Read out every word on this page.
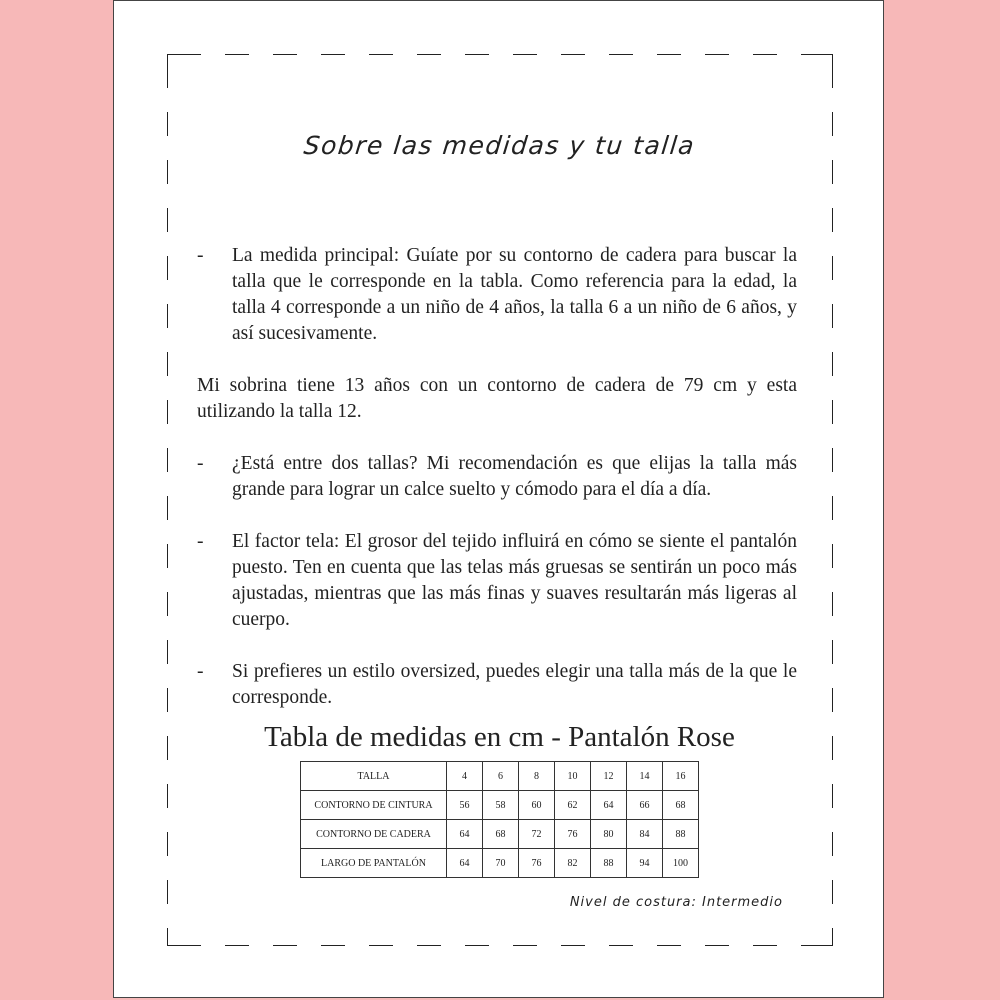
Sobre las medidas y tu talla

- La medida principal: Guíate por su contorno de cadera para buscar la talla que le corresponde en la tabla. Como referencia para la edad, la talla 4 corresponde a un niño de 4 años, la talla 6 a un niño de 6 años, y así sucesivamente.

Mi sobrina tiene 13 años con un contorno de cadera de 79 cm y esta utilizando la talla 12.

- ¿Está entre dos tallas? Mi recomendación es que elijas la talla más grande para lograr un calce suelto y cómodo para el día a día.

- El factor tela: El grosor del tejido influirá en cómo se siente el pantalón puesto. Ten en cuenta que las telas más gruesas se sentirán un poco más ajustadas, mientras que las más finas y suaves resultarán más ligeras al cuerpo.

- Si prefieres un estilo oversized, puedes elegir una talla más de la que le corresponde.

Tabla de medidas en cm - Pantalón Rose
TALLA	4	6	8	10	12	14	16
CONTORNO DE CINTURA	56	58	60	62	64	66	68
CONTORNO DE CADERA	64	68	72	76	80	84	88
LARGO DE PANTALÓN	64	70	76	82	88	94	100
Nivel de costura: Intermedio
